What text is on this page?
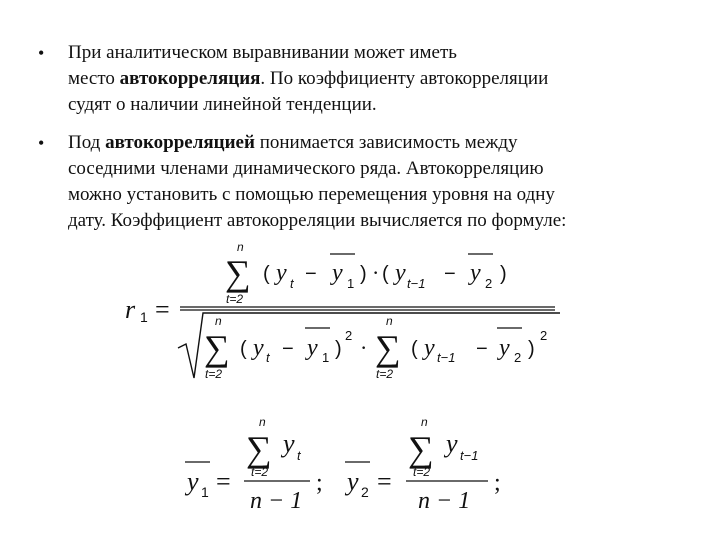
• При аналитическом выравнивании может иметь
место автокорреляция. По коэффициенту автокорреляции
судят о наличии линейной тенденции.
• Под автокорреляцией понимается зависимость между
соседними членами динамического ряда. Автокорреляцию
можно установить с помощью перемещения уровня на одну
дату. Коэффициент автокорреляции вычисляется по формуле:
r 1 =
n
∑
t=2
( y t − y 1 ) · ( y t−1 − y 2 )
n
∑
t=2
( y t − y 1 )
2 ·
n
∑
t=2
( y t−1 − y 2 )
2
y 1 =
n
∑
t=2
y t
n − 1
; y 2 =
n
∑
t=2
y t−1
n − 1
;
